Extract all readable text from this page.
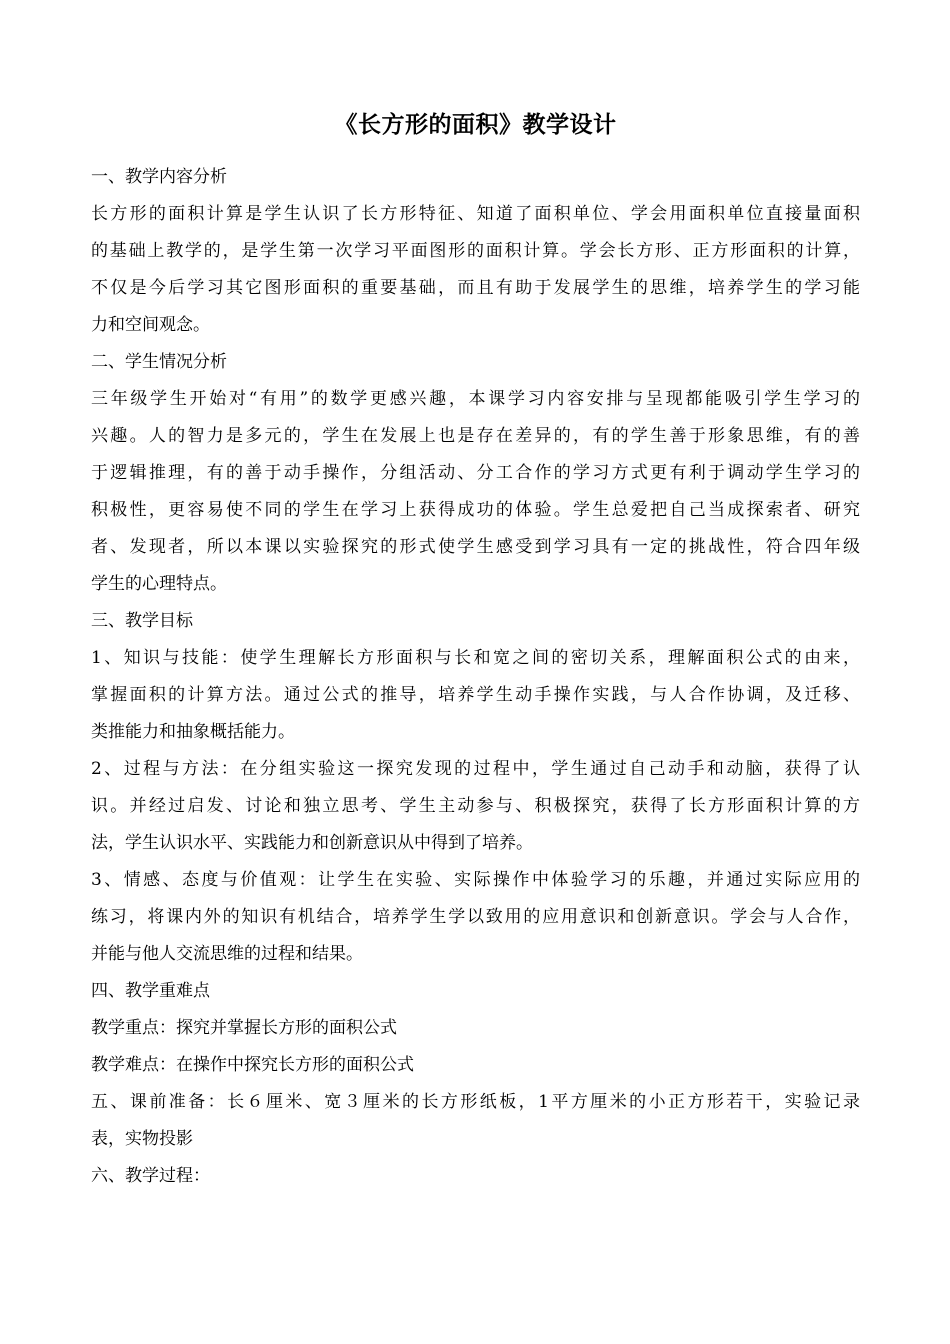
《长方形的面积》教学设计
一、教学内容分析
长方形的面积计算是学生认识了长方形特征、知道了面积单位、学会用面积单位直接量面积
的基础上教学的，是学生第一次学习平面图形的面积计算。学会长方形、正方形面积的计算，
不仅是今后学习其它图形面积的重要基础，而且有助于发展学生的思维，培养学生的学习能
力和空间观念。
二、学生情况分析
三年级学生开始对“有用”的数学更感兴趣，本课学习内容安排与呈现都能吸引学生学习的
兴趣。人的智力是多元的，学生在发展上也是存在差异的，有的学生善于形象思维，有的善
于逻辑推理，有的善于动手操作，分组活动、分工合作的学习方式更有利于调动学生学习的
积极性，更容易使不同的学生在学习上获得成功的体验。学生总爱把自己当成探索者、研究
者、发现者，所以本课以实验探究的形式使学生感受到学习具有一定的挑战性，符合四年级
学生的心理特点。
三、教学目标
1、知识与技能：使学生理解长方形面积与长和宽之间的密切关系，理解面积公式的由来，
掌握面积的计算方法。通过公式的推导，培养学生动手操作实践，与人合作协调，及迁移、
类推能力和抽象概括能力。
2、过程与方法：在分组实验这一探究发现的过程中，学生通过自己动手和动脑，获得了认
识。并经过启发、讨论和独立思考、学生主动参与、积极探究，获得了长方形面积计算的方
法，学生认识水平、实践能力和创新意识从中得到了培养。
3、情感、态度与价值观：让学生在实验、实际操作中体验学习的乐趣，并通过实际应用的
练习，将课内外的知识有机结合，培养学生学以致用的应用意识和创新意识。学会与人合作，
并能与他人交流思维的过程和结果。
四、教学重难点
教学重点：探究并掌握长方形的面积公式
教学难点：在操作中探究长方形的面积公式
五、课前准备：长６厘米、宽３厘米的长方形纸板，1平方厘米的小正方形若干，实验记录
表，实物投影
六、教学过程：
